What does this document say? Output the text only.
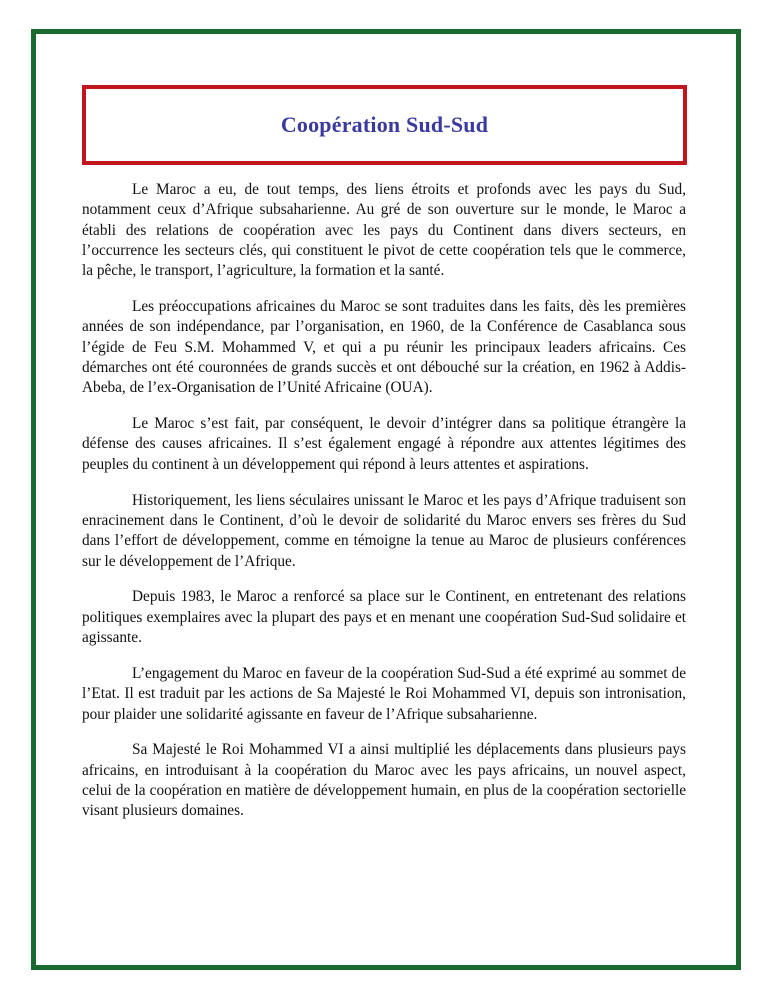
Coopération Sud-Sud

Le Maroc a eu, de tout temps, des liens étroits et profonds avec les pays du Sud, notamment ceux d’Afrique subsaharienne. Au gré de son ouverture sur le monde, le Maroc a établi des relations de coopération avec les pays du Continent dans divers secteurs, en l’occurrence les secteurs clés, qui constituent le pivot de cette coopération tels que le commerce, la pêche, le transport, l’agriculture, la formation et la santé.

Les préoccupations africaines du Maroc se sont traduites dans les faits, dès les premières années de son indépendance, par l’organisation, en 1960, de la Conférence de Casablanca sous l’égide de Feu S.M. Mohammed V, et qui a pu réunir les principaux leaders africains. Ces démarches ont été couronnées de grands succès et ont débouché sur la création, en 1962 à Addis-Abeba, de l’ex-Organisation de l’Unité Africaine (OUA).

Le Maroc s’est fait, par conséquent, le devoir d’intégrer dans sa politique étrangère la défense des causes africaines. Il s’est également engagé à répondre aux attentes légitimes des peuples du continent à un développement qui répond à leurs attentes et aspirations.

Historiquement, les liens séculaires unissant le Maroc et les pays d’Afrique traduisent son enracinement dans le Continent, d’où le devoir de solidarité du Maroc envers ses frères du Sud dans l’effort de développement, comme en témoigne la tenue au Maroc de plusieurs conférences sur le développement de l’Afrique.

Depuis 1983, le Maroc a renforcé sa place sur le Continent, en entretenant des relations politiques exemplaires avec la plupart des pays et en menant une coopération Sud-Sud solidaire et agissante.

L’engagement du Maroc en faveur de la coopération Sud-Sud a été exprimé au sommet de l’Etat. Il est traduit par les actions de Sa Majesté le Roi Mohammed VI, depuis son intronisation, pour plaider une solidarité agissante en faveur de l’Afrique subsaharienne.

Sa Majesté le Roi Mohammed VI a ainsi multiplié les déplacements dans plusieurs pays africains, en introduisant à la coopération du Maroc avec les pays africains, un nouvel aspect, celui de la coopération en matière de développement humain, en plus de la coopération sectorielle visant plusieurs domaines.
